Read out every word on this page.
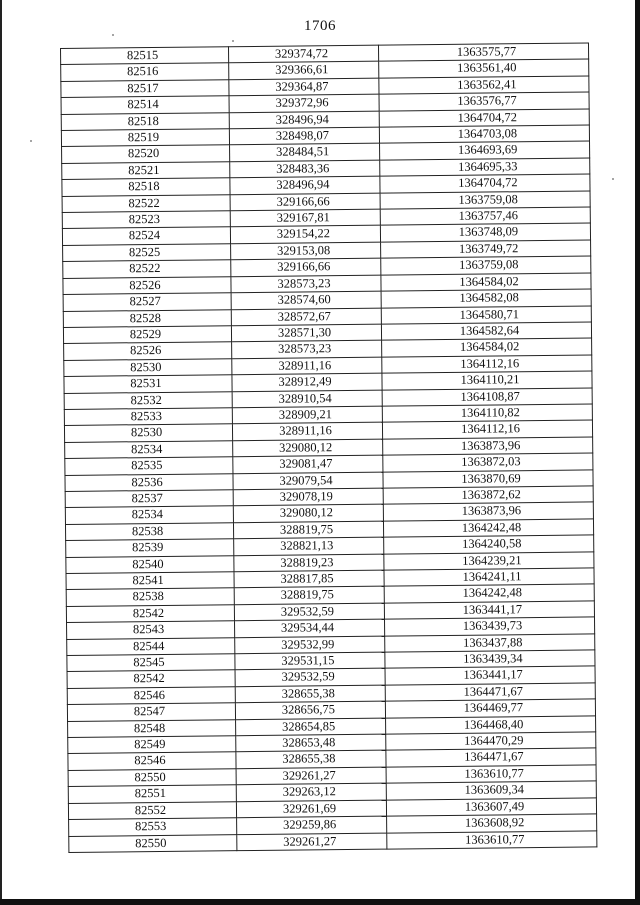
1706
82515	329374,72	1363575,77
82516	329366,61	1363561,40
82517	329364,87	1363562,41
82514	329372,96	1363576,77
82518	328496,94	1364704,72
82519	328498,07	1364703,08
82520	328484,51	1364693,69
82521	328483,36	1364695,33
82518	328496,94	1364704,72
82522	329166,66	1363759,08
82523	329167,81	1363757,46
82524	329154,22	1363748,09
82525	329153,08	1363749,72
82522	329166,66	1363759,08
82526	328573,23	1364584,02
82527	328574,60	1364582,08
82528	328572,67	1364580,71
82529	328571,30	1364582,64
82526	328573,23	1364584,02
82530	328911,16	1364112,16
82531	328912,49	1364110,21
82532	328910,54	1364108,87
82533	328909,21	1364110,82
82530	328911,16	1364112,16
82534	329080,12	1363873,96
82535	329081,47	1363872,03
82536	329079,54	1363870,69
82537	329078,19	1363872,62
82534	329080,12	1363873,96
82538	328819,75	1364242,48
82539	328821,13	1364240,58
82540	328819,23	1364239,21
82541	328817,85	1364241,11
82538	328819,75	1364242,48
82542	329532,59	1363441,17
82543	329534,44	1363439,73
82544	329532,99	1363437,88
82545	329531,15	1363439,34
82542	329532,59	1363441,17
82546	328655,38	1364471,67
82547	328656,75	1364469,77
82548	328654,85	1364468,40
82549	328653,48	1364470,29
82546	328655,38	1364471,67
82550	329261,27	1363610,77
82551	329263,12	1363609,34
82552	329261,69	1363607,49
82553	329259,86	1363608,92
82550	329261,27	1363610,77
